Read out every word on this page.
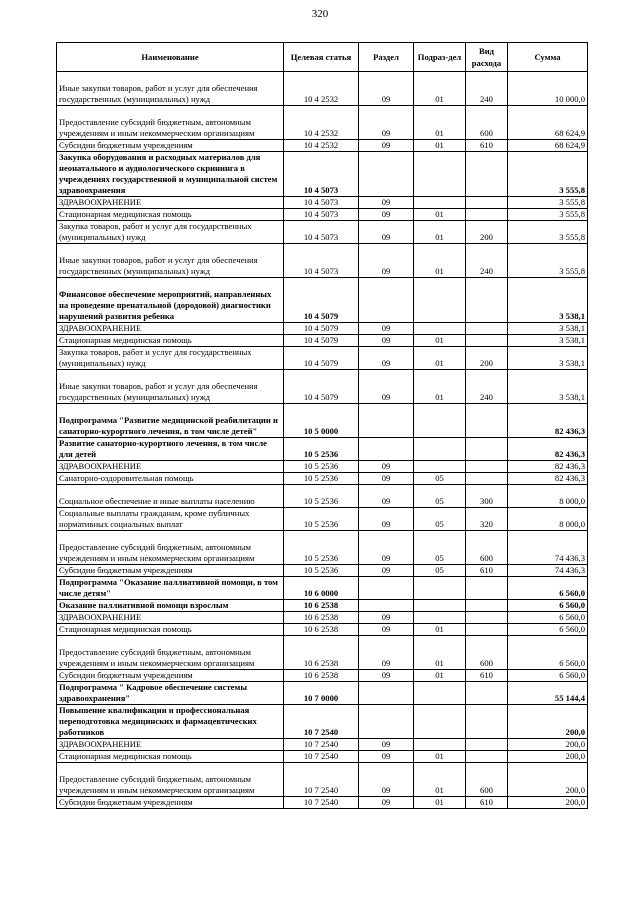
320
Наименование	Целевая статья	Раздел	Подраз-дел	Вид расхода	Сумма
Иные закупки товаров, работ и услуг для обеспечения государственных (муниципальных) нужд	10 4 2532	09	01	240	10 000,0
Предоставление субсидий бюджетным, автономным учреждениям и иным некоммерческим организациям	10 4 2532	09	01	600	68 624,9
Субсидии бюджетным учреждениям	10 4 2532	09	01	610	68 624,9
Закупка оборудования и расходных материалов для неонатального и аудиологического скрининга в учреждениях государственной и муниципальной систем здравоохранения	10 4 5073				3 555,8
ЗДРАВООХРАНЕНИЕ	10 4 5073	09			3 555,8
Стационарная медицинская помощь	10 4 5073	09	01		3 555,8
Закупка товаров, работ и услуг для государственных (муниципальных) нужд	10 4 5073	09	01	200	3 555,8
Иные закупки товаров, работ и услуг для обеспечения государственных (муниципальных) нужд	10 4 5073	09	01	240	3 555,8
Финансовое обеспечение мероприятий, направленных на проведение пренатальной (дородовой) диагностики нарушений развития ребенка	10 4 5079				3 538,1
ЗДРАВООХРАНЕНИЕ	10 4 5079	09			3 538,1
Стационарная медицинская помощь	10 4 5079	09	01		3 538,1
Закупка товаров, работ и услуг для государственных (муниципальных) нужд	10 4 5079	09	01	200	3 538,1
Иные закупки товаров, работ и услуг для обеспечения государственных (муниципальных) нужд	10 4 5079	09	01	240	3 538,1
Подпрограмма "Развитие медицинской реабилитации и санаторно-курортного лечения, в том числе детей"	10 5 0000				82 436,3
Развитие санаторно-курортного лечения, в том числе для детей	10 5 2536				82 436,3
ЗДРАВООХРАНЕНИЕ	10 5 2536	09			82 436,3
Санаторно-оздоровительная помощь	10 5 2536	09	05		82 436,3
Социальное обеспечение и иные выплаты населению	10 5 2536	09	05	300	8 000,0
Социальные выплаты гражданам, кроме публичных нормативных социальных выплат	10 5 2536	09	05	320	8 000,0
Предоставление субсидий бюджетным, автономным учреждениям и иным некоммерческим организациям	10 5 2536	09	05	600	74 436,3
Субсидии бюджетным учреждениям	10 5 2536	09	05	610	74 436,3
Подпрограмма "Оказание паллиативной помощи, в том числе детям"	10 6 0000				6 560,0
Оказание паллиативной помощи взрослым	10 6 2538				6 560,0
ЗДРАВООХРАНЕНИЕ	10 6 2538	09			6 560,0
Стационарная медицинская помощь	10 6 2538	09	01		6 560,0
Предоставление субсидий бюджетным, автономным учреждениям и иным некоммерческим организациям	10 6 2538	09	01	600	6 560,0
Субсидии бюджетным учреждениям	10 6 2538	09	01	610	6 560,0
Подпрограмма " Кадровое обеспечение системы здравоохранения"	10 7 0000				55 144,4
Повышение квалификации и профессиональная переподготовка медицинских и фармацевтических работников	10 7 2540				200,0
ЗДРАВООХРАНЕНИЕ	10 7 2540	09			200,0
Стационарная медицинская помощь	10 7 2540	09	01		200,0
Предоставление субсидий бюджетным, автономным учреждениям и иным некоммерческим организациям	10 7 2540	09	01	600	200,0
Субсидии бюджетным учреждениям	10 7 2540	09	01	610	200,0
